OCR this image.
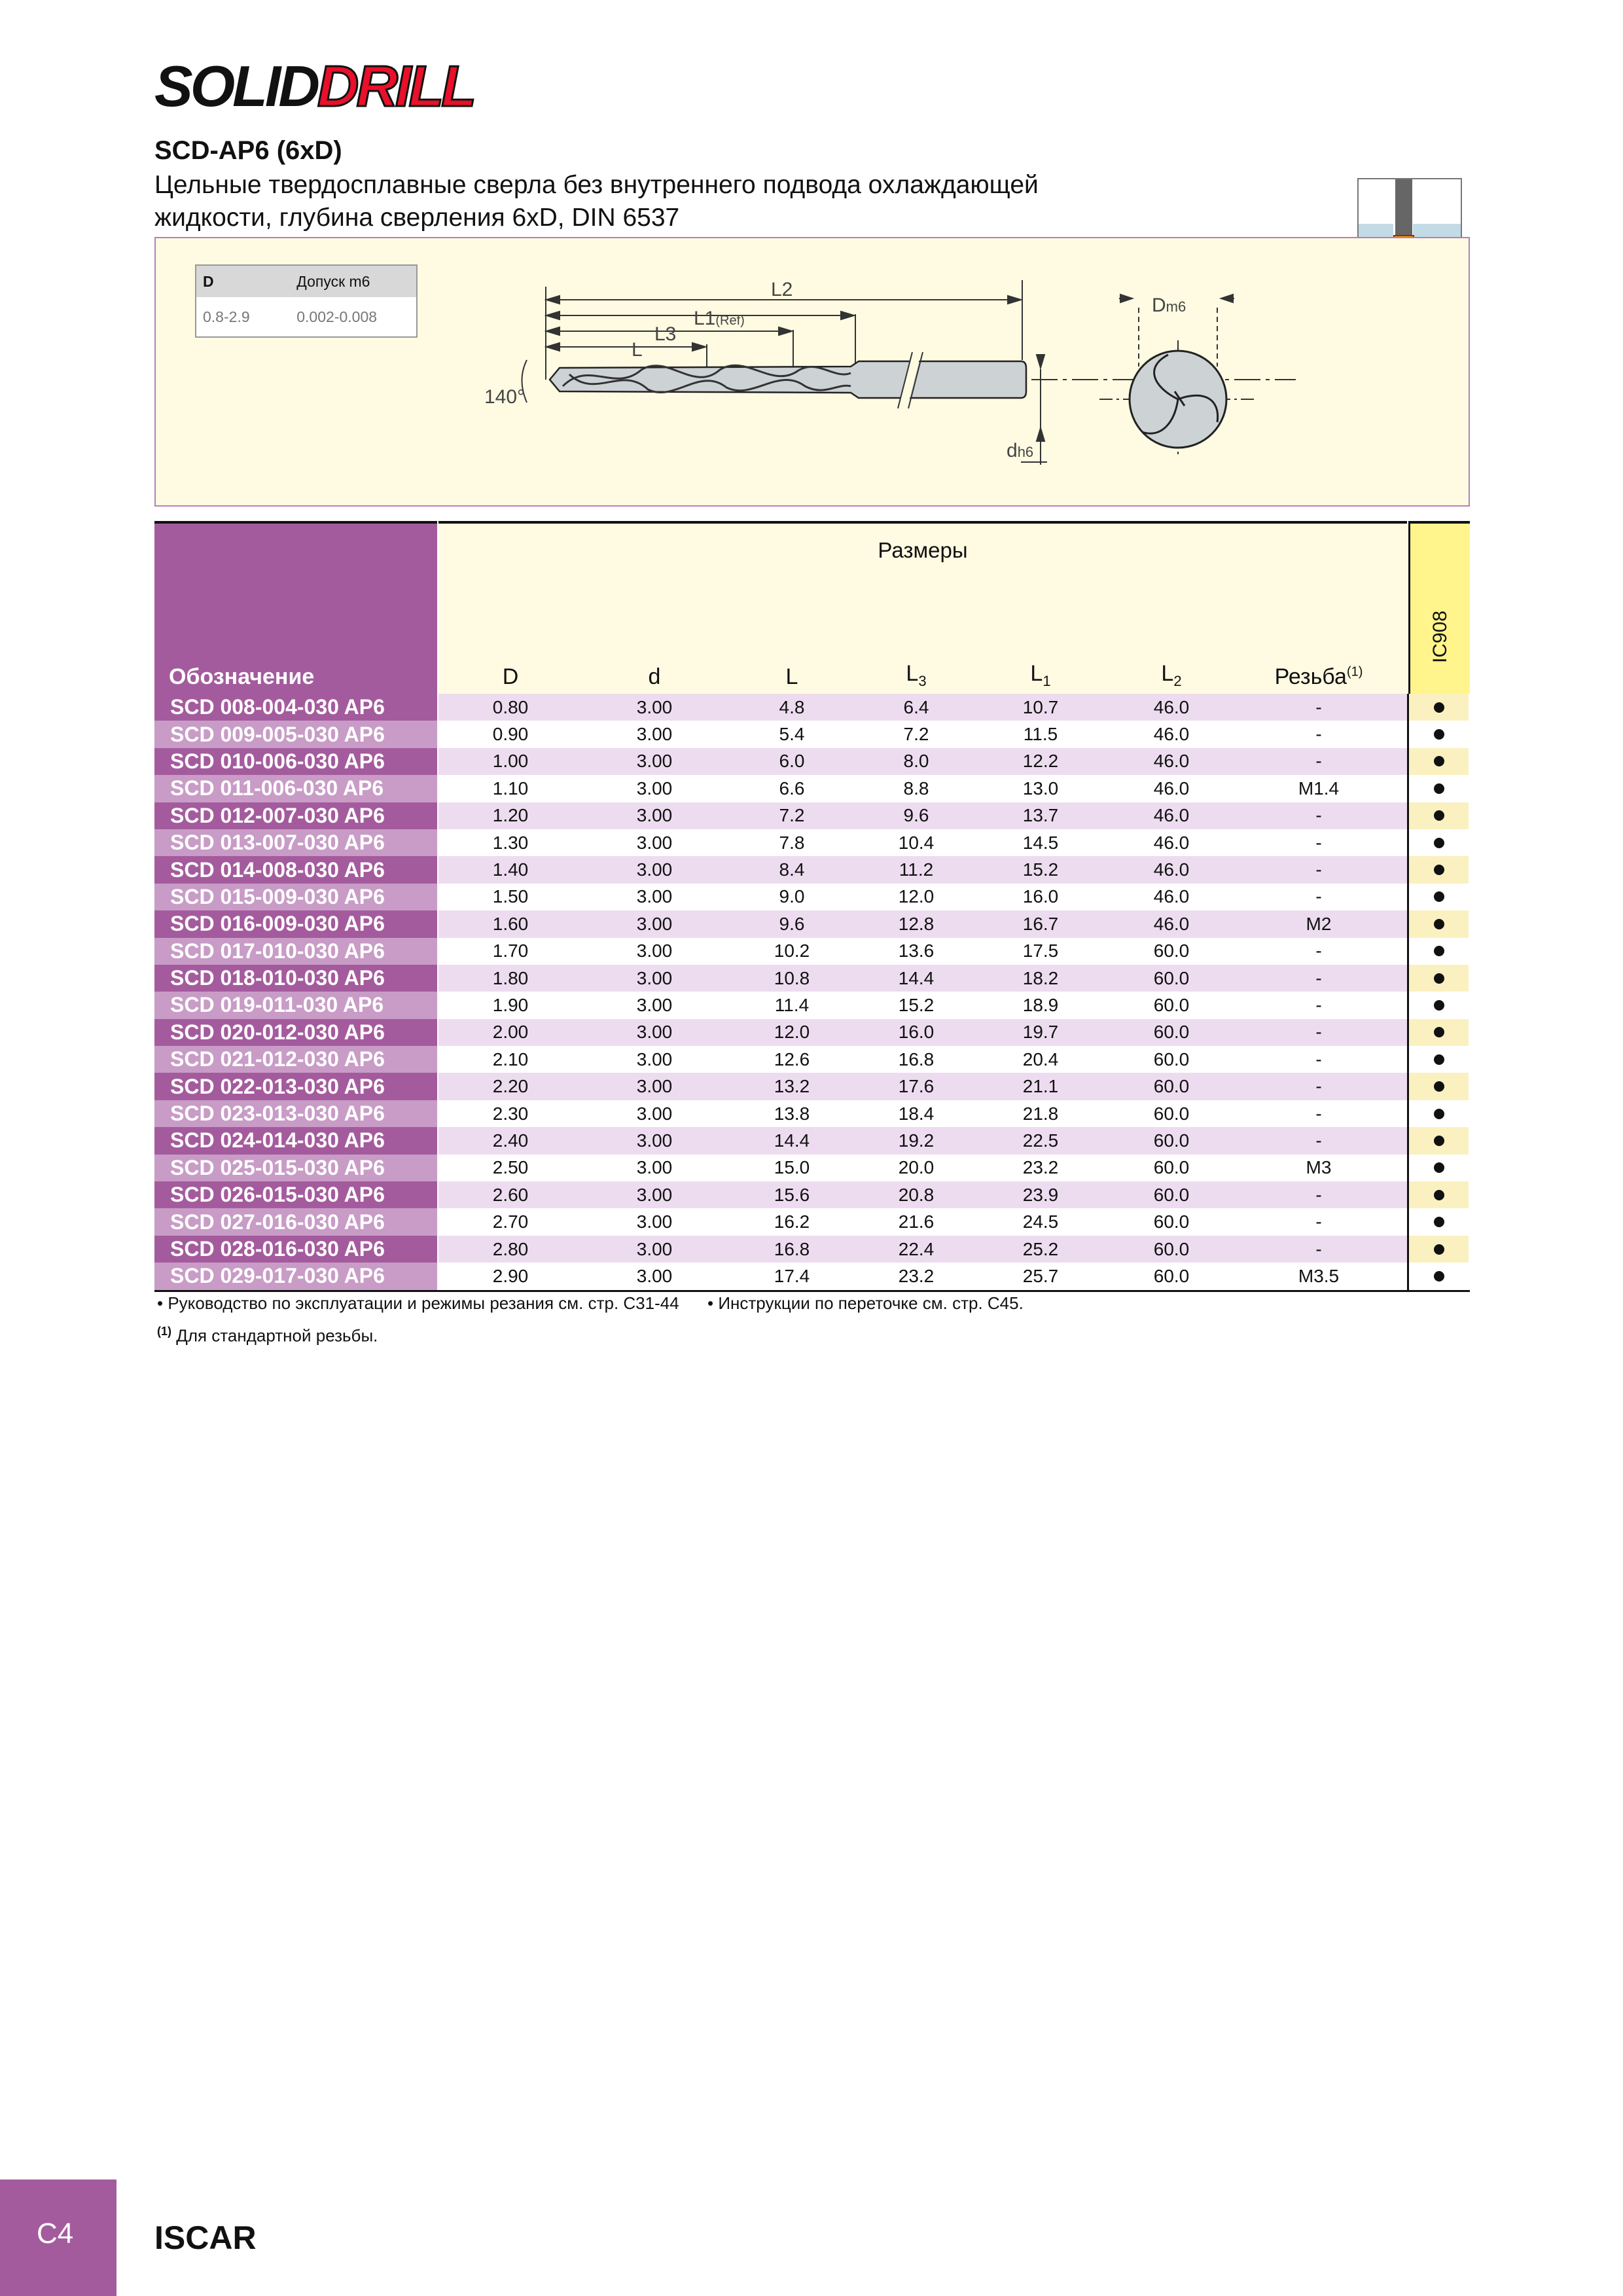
SOLIDDRILL
SCD-AP6 (6xD)
Цельные твердосплавные сверла без внутреннего подвода охлаждающей
жидкости, глубина сверления 6xD, DIN 6537
D	Допуск m6
0.8-2.9	0.002-0.008
140°
L2
L1(Ref)
L3
L
dh6
Dm6
Обозначение
Размеры
D	d	L	$L_3$	$L_1$	$L_2$	Резьба$^{(1)}$
IC908
SCD 008-004-030 AP6	0.80	3.00	4.8	6.4	10.7	46.0	-
SCD 009-005-030 AP6	0.90	3.00	5.4	7.2	11.5	46.0	-
SCD 010-006-030 AP6	1.00	3.00	6.0	8.0	12.2	46.0	-
SCD 011-006-030 AP6	1.10	3.00	6.6	8.8	13.0	46.0	M1.4
SCD 012-007-030 AP6	1.20	3.00	7.2	9.6	13.7	46.0	-
SCD 013-007-030 AP6	1.30	3.00	7.8	10.4	14.5	46.0	-
SCD 014-008-030 AP6	1.40	3.00	8.4	11.2	15.2	46.0	-
SCD 015-009-030 AP6	1.50	3.00	9.0	12.0	16.0	46.0	-
SCD 016-009-030 AP6	1.60	3.00	9.6	12.8	16.7	46.0	M2
SCD 017-010-030 AP6	1.70	3.00	10.2	13.6	17.5	60.0	-
SCD 018-010-030 AP6	1.80	3.00	10.8	14.4	18.2	60.0	-
SCD 019-011-030 AP6	1.90	3.00	11.4	15.2	18.9	60.0	-
SCD 020-012-030 AP6	2.00	3.00	12.0	16.0	19.7	60.0	-
SCD 021-012-030 AP6	2.10	3.00	12.6	16.8	20.4	60.0	-
SCD 022-013-030 AP6	2.20	3.00	13.2	17.6	21.1	60.0	-
SCD 023-013-030 AP6	2.30	3.00	13.8	18.4	21.8	60.0	-
SCD 024-014-030 AP6	2.40	3.00	14.4	19.2	22.5	60.0	-
SCD 025-015-030 AP6	2.50	3.00	15.0	20.0	23.2	60.0	M3
SCD 026-015-030 AP6	2.60	3.00	15.6	20.8	23.9	60.0	-
SCD 027-016-030 AP6	2.70	3.00	16.2	21.6	24.5	60.0	-
SCD 028-016-030 AP6	2.80	3.00	16.8	22.4	25.2	60.0	-
SCD 029-017-030 AP6	2.90	3.00	17.4	23.2	25.7	60.0	M3.5
• Руководство по эксплуатации и режимы резания см. стр. C31-44      • Инструкции по переточке см. стр. C45.
$^{(1)}$ Для стандартной резьбы.
C4 ISCAR
